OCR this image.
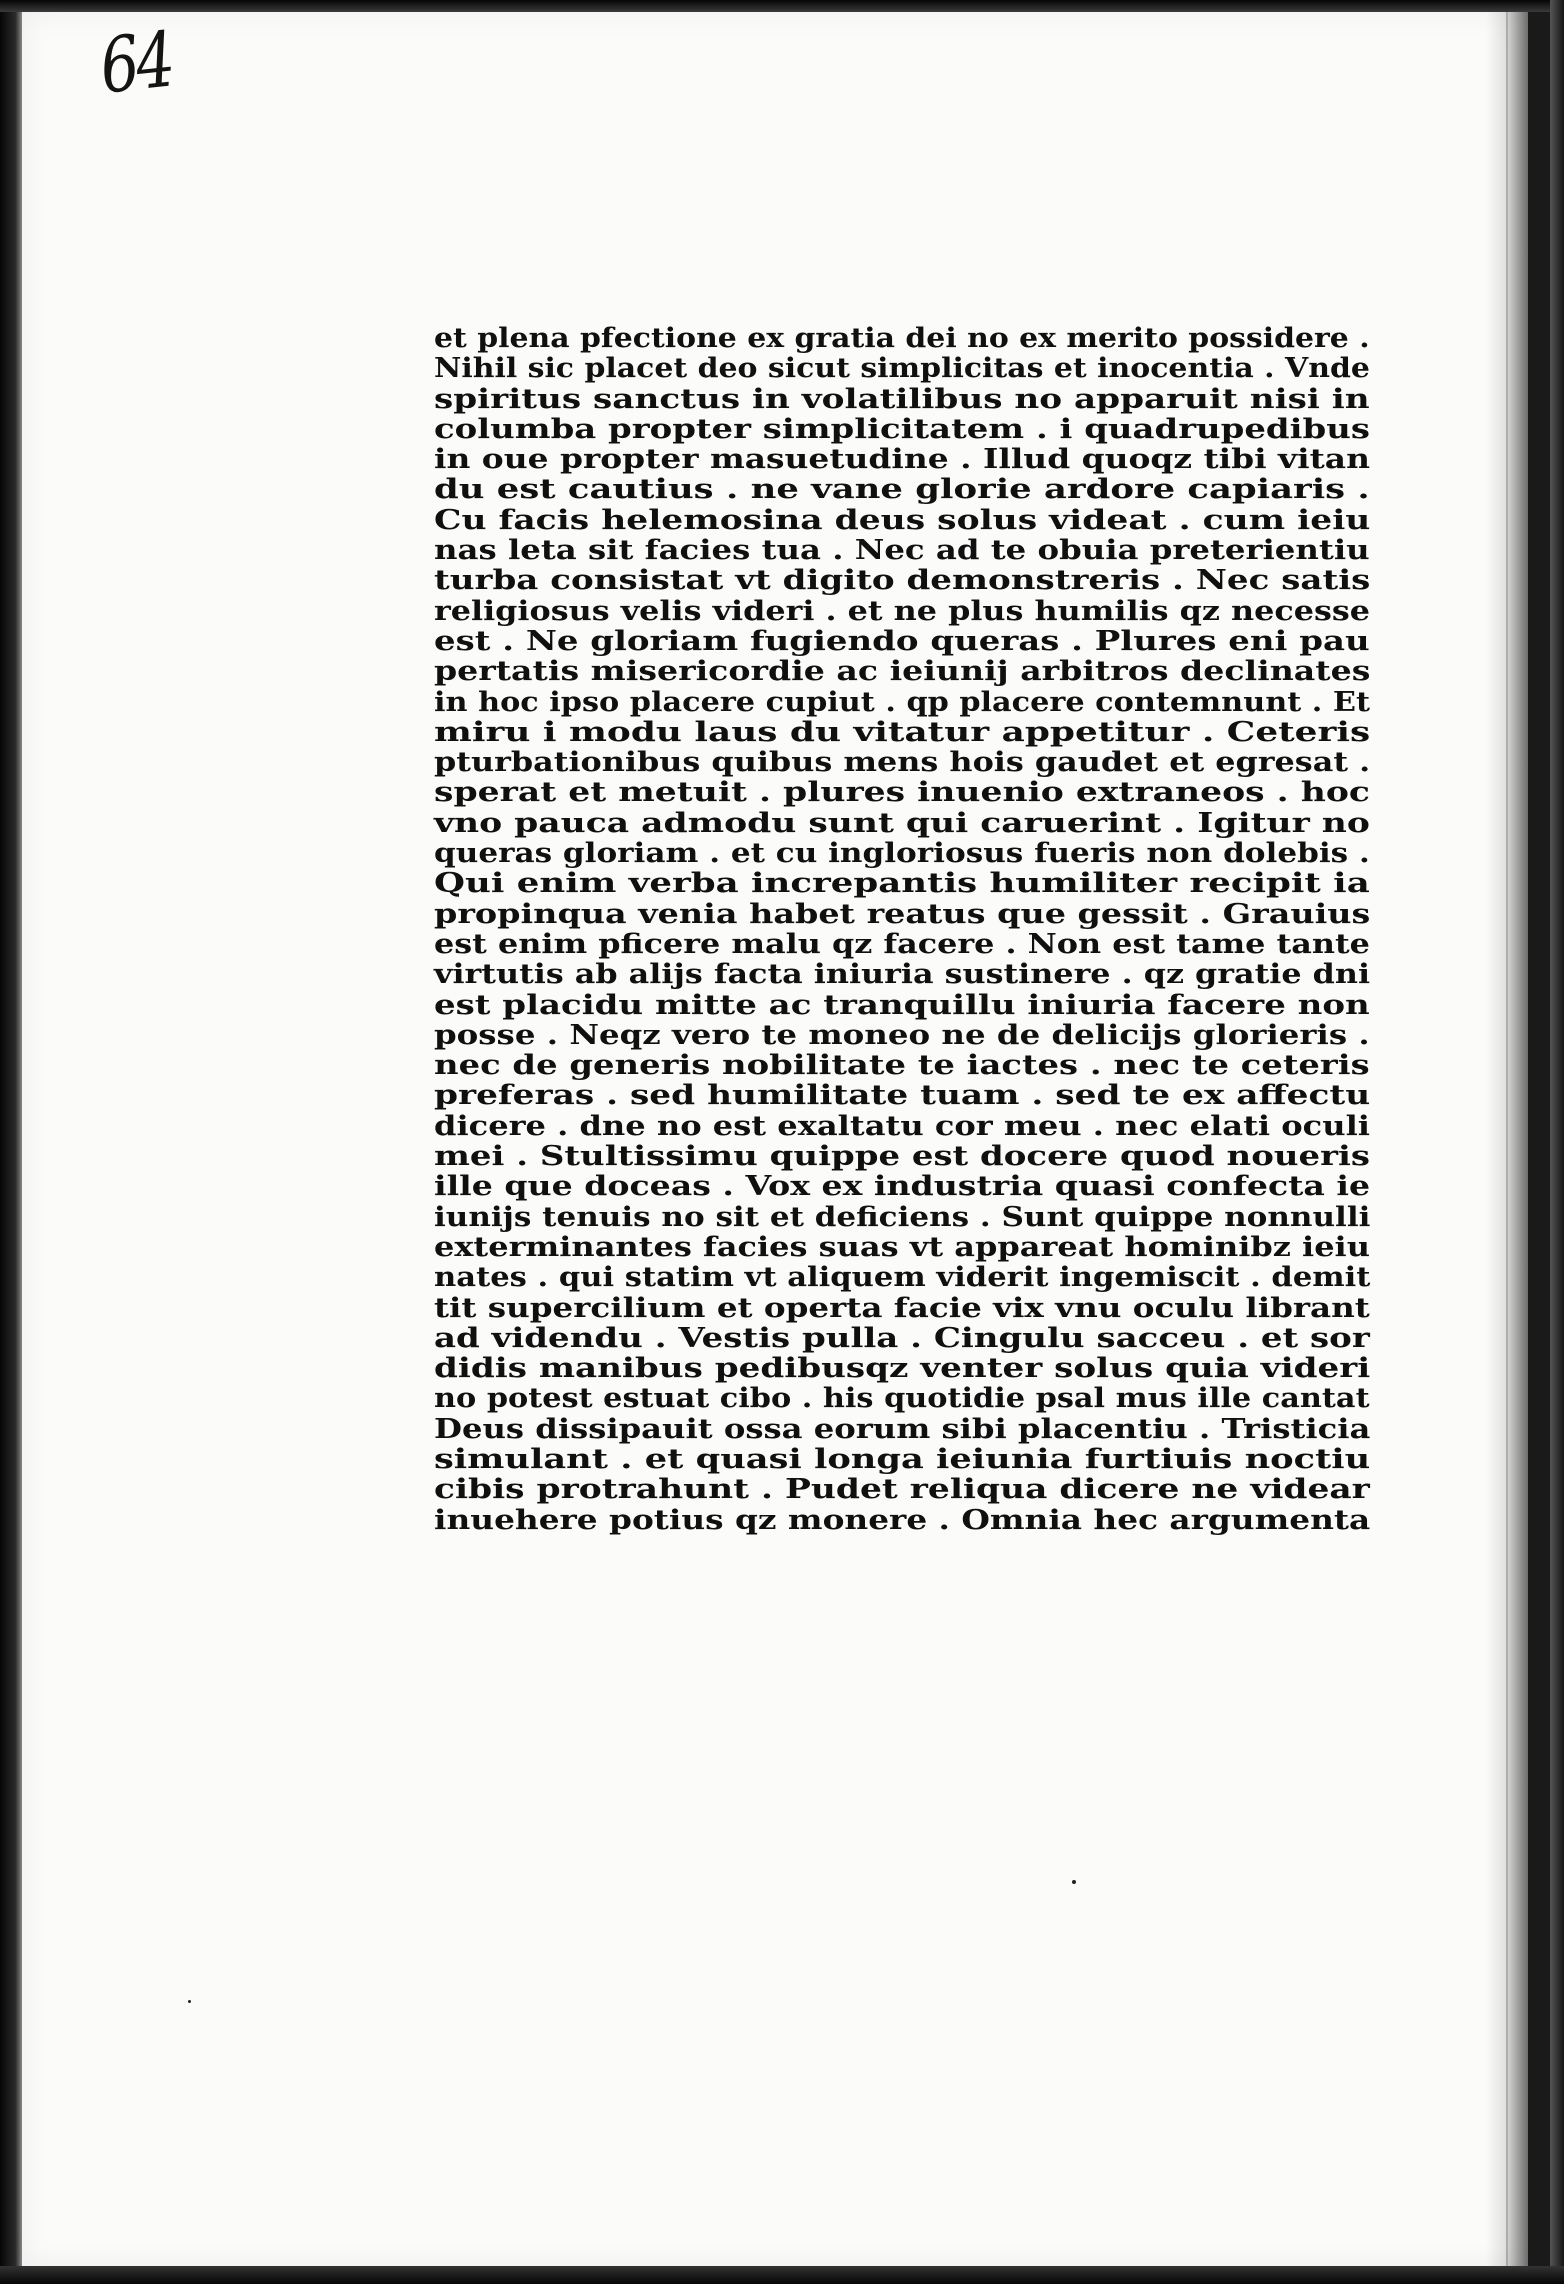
64
et plena pfectione ex gratia dei no ex merito possidere .
Nihil sic placet deo sicut simplicitas et inocentia . Vnde
spiritus sanctus in volatilibus no apparuit nisi in
columba propter simplicitatem . i quadrupedibus
in oue propter masuetudine . Illud quoqz tibi vitan
du est cautius . ne vane glorie ardore capiaris .
Cu facis helemosina deus solus videat . cum ieiu
nas leta sit facies tua . Nec ad te obuia preterientiu
turba consistat vt digito demonstreris . Nec satis
religiosus velis videri . et ne plus humilis qz necesse
est . Ne gloriam fugiendo queras . Plures eni pau
pertatis misericordie ac ieiunij arbitros declinates
in hoc ipso placere cupiut . qp placere contemnunt . Et
miru i modu laus du vitatur appetitur . Ceteris
pturbationibus quibus mens hois gaudet et egresat .
sperat et metuit . plures inuenio extraneos . hoc
vno pauca admodu sunt qui caruerint . Igitur no
queras gloriam . et cu ingloriosus fueris non dolebis .
Qui enim verba increpantis humiliter recipit ia
propinqua venia habet reatus que gessit . Grauius
est enim pficere malu qz facere . Non est tame tante
virtutis ab alijs facta iniuria sustinere . qz gratie dni
est placidu mitte ac tranquillu iniuria facere non
posse . Neqz vero te moneo ne de delicijs glorieris .
nec de generis nobilitate te iactes . nec te ceteris
preferas . sed humilitate tuam . sed te ex affectu
dicere . dne no est exaltatu cor meu . nec elati oculi
mei . Stultissimu quippe est docere quod noueris
ille que doceas . Vox ex industria quasi confecta ie
iunijs tenuis no sit et deficiens . Sunt quippe nonnulli
exterminantes facies suas vt appareat hominibz ieiu
nates . qui statim vt aliquem viderit ingemiscit . demit
tit supercilium et operta facie vix vnu oculu librant
ad videndu . Vestis pulla . Cingulu sacceu . et sor
didis manibus pedibusqz venter solus quia videri
no potest estuat cibo . his quotidie psal mus ille cantat
Deus dissipauit ossa eorum sibi placentiu . Tristicia
simulant . et quasi longa ieiunia furtiuis noctiu
cibis protrahunt . Pudet reliqua dicere ne videar
inuehere potius qz monere . Omnia hec argumenta
